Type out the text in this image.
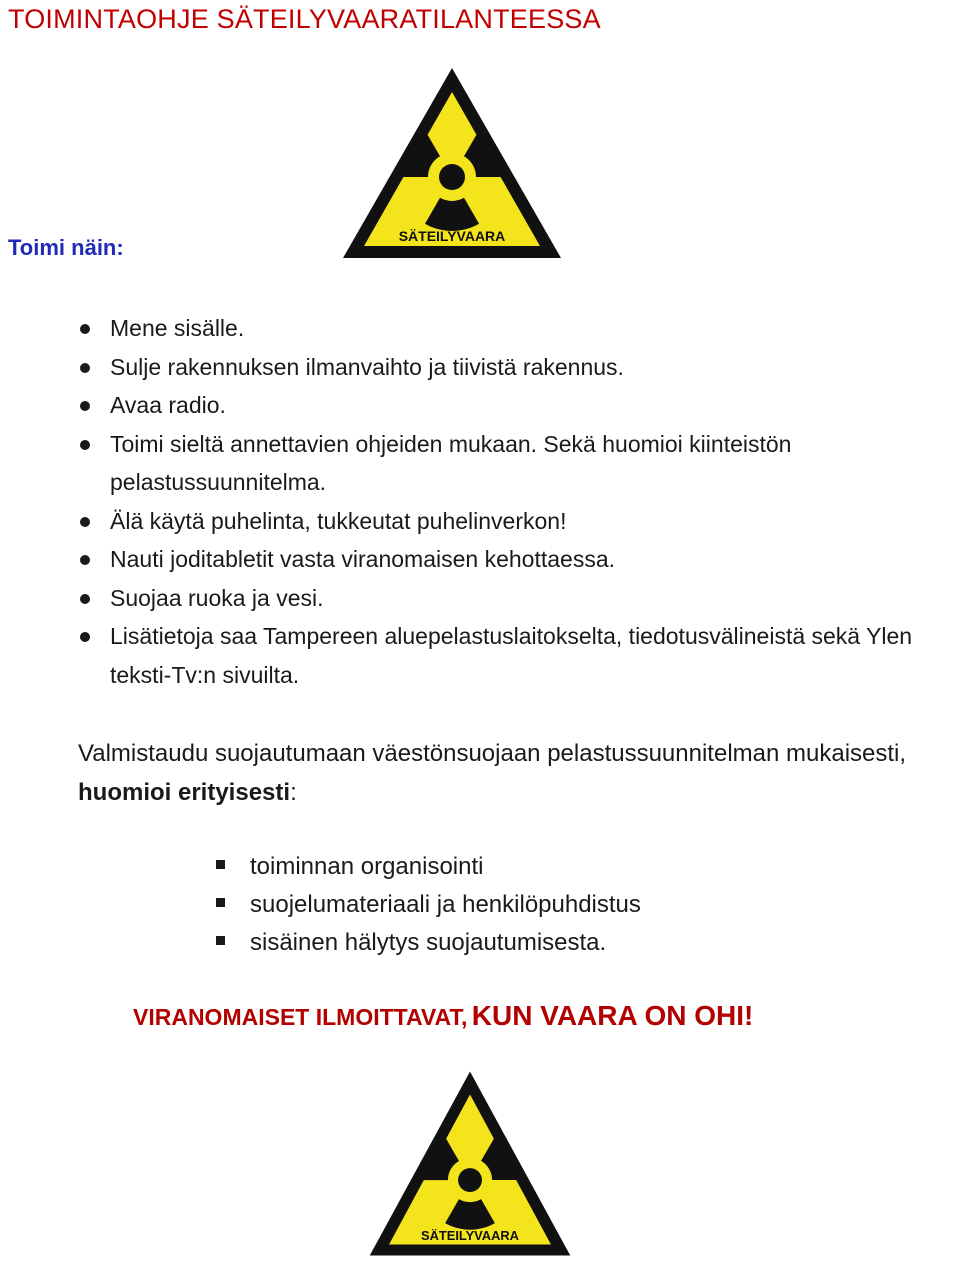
TOIMINTAOHJE SÄTEILYVAARATILANTEESSA
SÄTEILYVAARA
Toimi näin:
Mene sisälle.
Sulje rakennuksen ilmanvaihto ja tiivistä rakennus.
Avaa radio.
Toimi sieltä annettavien ohjeiden mukaan. Sekä huomioi kiinteistön pelastussuunnitelma.
Älä käytä puhelinta, tukkeutat puhelinverkon!
Nauti joditabletit vasta viranomaisen kehottaessa.
Suojaa ruoka ja vesi.
Lisätietoja saa Tampereen aluepelastuslaitokselta, tiedotusvälineistä sekä Ylen teksti-Tv:n sivuilta.

Valmistaudu suojautumaan väestönsuojaan pelastussuunnitelman mukaisesti, huomioi erityisesti:

toiminnan organisointi
suojelumateriaali ja henkilöpuhdistus
sisäinen hälytys suojautumisesta.

VIRANOMAISET ILMOITTAVAT, KUN VAARA ON OHI!

SÄTEILYVAARA
